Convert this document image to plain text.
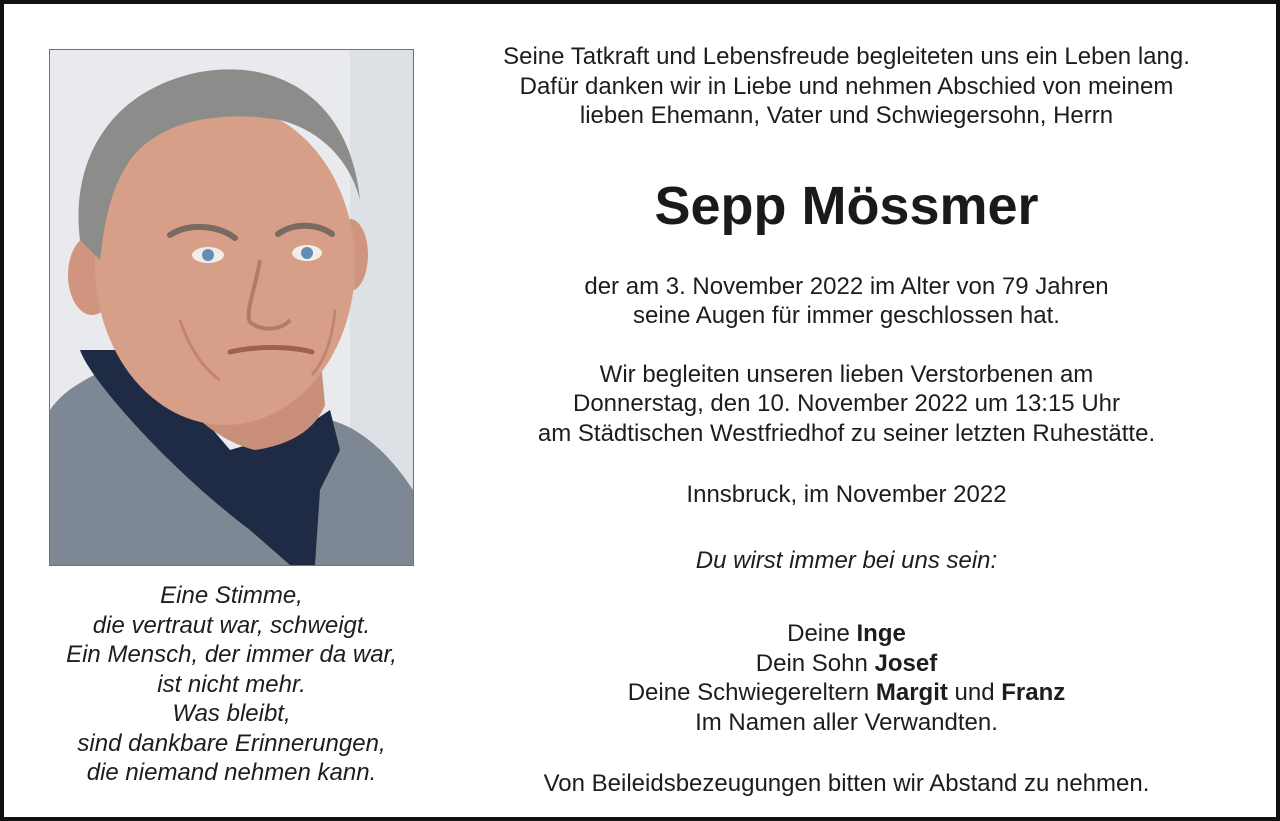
Eine Stimme,
die vertraut war, schweigt.
Ein Mensch, der immer da war,
ist nicht mehr.
Was bleibt,
sind dankbare Erinnerungen,
die niemand nehmen kann.
Seine Tatkraft und Lebensfreude begleiteten uns ein Leben lang.
Dafür danken wir in Liebe und nehmen Abschied von meinem
lieben Ehemann, Vater und Schwiegersohn, Herrn
Sepp Mössmer
der am 3. November 2022 im Alter von 79 Jahren
seine Augen für immer geschlossen hat.
Wir begleiten unseren lieben Verstorbenen am
Donnerstag, den 10. November 2022 um 13:15 Uhr
am Städtischen Westfriedhof zu seiner letzten Ruhestätte.
Innsbruck, im November 2022
Du wirst immer bei uns sein:
Deine Inge
Dein Sohn Josef
Deine Schwiegereltern Margit und Franz
Im Namen aller Verwandten.
Von Beileidsbezeugungen bitten wir Abstand zu nehmen.
